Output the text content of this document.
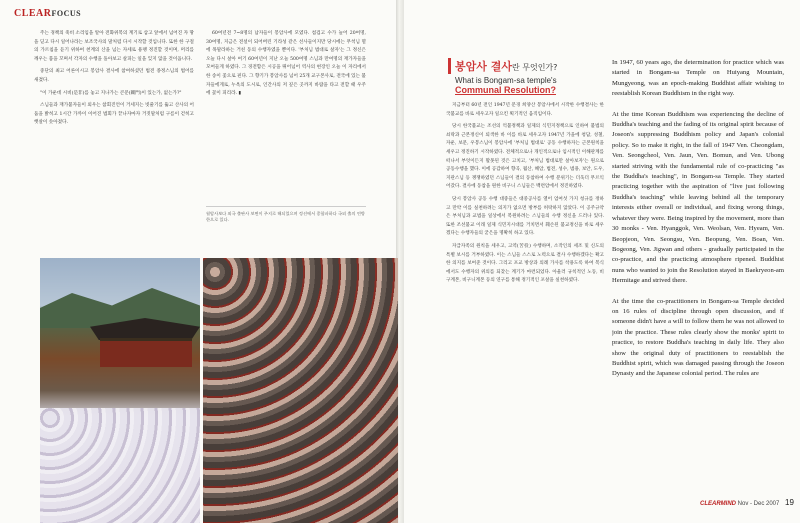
CLEARFOCUS

주는 경책의 죽비 소리임을 알아 전화위복의 계기로 삼고 앞에서 넘어진 자 땅을 딛고 다시 일어나라는 보조국사의 말처럼 다시 시작할 것입니다. 또한 한 구절의 가르침을 듣기 위하여 천계의 산을 넘는 자세로 용맹 정진할 것이며, 머리를 깨우는 품을 꼬며서 각자의 수행을 돌아보고 살피는 일을 잊지 않을 것이옵니다.

중단의 최고 어른이시고 봉암사 결사에 참여하셨던 법전 종정스님의 법어를 새겼다.

"이 가운데 시비(是非)를 놓고 지나가는 콘문(關門)이 있는가, 없는가?"

스님들과 재가불자들이 외우는 참회진언이 거세지는 빗줄기를 뚫고 산사의 어둠을 밝히고 1시간 가까이 이어진 법회가 끝나자마자 거짓말처럼 구름이 걷히고 햇살이 솟아졌다.

60여년전 7~8명의 납자들이 봉암사에 모였다. 첨겁고 수가 늘어 20여명, 30여명, 지금은 전설이 되어버린 기라성 같은 선사들이지만 당시에는 무척님 멸에 목말라하는 거친 동의 수행자였을 뿐이다. '부처님 법대로 살자'는 그 정신은 오늘 다시 살아 여기 60여년이 지난 오늘 500여명 스님과 만여명의 재가자들을 모여들게 하였다. 그 경전함은 시공을 뛰어넘어 역사의 현장인 오늘 이 자리에서 한 송이 꽃으로 핀다. 그 향기가 봉암사를 넘어 25개 교구본사로, 전국에 있는 불자들에게로, 누옥의 도시로, 인간사의 저 깊은 곳까지 바람을 타고 전할 때 우주에 꽃이 피리라. ▮

월암사보다 외국 출판사 보면이 주지로 해되었으며 정선에서 종합파하다 국외 출의 연방한으로 있다.
봉암사 결사란 무엇인가?
What is Bongam-sa temple's
Communal Resolution?

지금부터 60년 전인 1947년 문경 희양산 봉암사에서 시작한 수행결사는 한국불교를 바로 세우고자 일으킨 획기적인 움직임이다.

당시 한국불교는 조선의 억불정책과 일제의 식민지정책으로 인하여 불법의 쇠락과 근본정신이 퇴색한 바 이를 바로 세우고자 1947년 가을에 청담, 성철, 자운, 보문, 우봉스님이 봉암사에 '부처님 법대로' 공동 수행하자는 근본원칙을 세우고 정진하기 시작하였다. 전체적으로나 개인적으로나 임시적인 이해관계를 떠나서 부엇이든지 활못된 것은 고치고, '부처님 법대로만 살아보자'는 원으로 공동수행을 했다. 이에 공감하여 향곡, 월산, 혜암, 법전, 성수, 범용, 보안, 도우, 지관스님 등 쟁쟁하였던 스님들이 결의 동참하여 수행 분위기는 더욱더 무르익어갔다. 결사에 동참을 원한 비구니 스님들은 백련암에서 정진하였다.

당시 봉암사 공동 수행 대중들은 대중공사를 열어 엄여섯 가지 청규를 정하고 만약 이를 실천하려는 의지가 없으면 방부를 허락하지 않았다. 이 공주규약은 부처님과 교법을 일상에서 복원하려는 스님들의 수행 정신을 드러나 있다. 또한 조선불교 이래 일제 식민지시대를 거치면서 훼손된 불교정신을 바로 세우겠다는 수행자들의 굳은을 명확히 하고 있다.

자급자족의 원칙을 세우고, 고역(苦役) 수행하며, 소작인의 세조 및 신도의 특별 보시를 거부하였다. 이는 스님들 스스로 노력으로 결사 수행하겠다는 확고한 의지를 보여준 것이다. 그리고 포교 방상과 의례 가사를 착용도록 하여 복식에서도 수행자의 위의를 되찾는 계기가 마련되었다. 아울러 규칙적인 노동, 비구계본, 비구니계본 등의 연구를 통해 정기적인 포살을 실천하였다.

In 1947, 60 years ago, the determination for practice which was started in Bongam-sa Temple on Huiyang Mountain, Mungyeong, was an epoch-making Buddhist affair wishing to reestablish Korean Buddhism in the right way.

At the time Korean Buddhism was experiencing the decline of Buddha's teaching and the fading of its original spirit because of Joseon's suppressing Buddhism policy and Japan's colonial policy. So to make it right, in the fall of 1947 Ven. Cheongdam, Ven. Seongcheol, Ven. Jaun, Ven. Bomun, and Ven. Ubong started striving with the fundamental rule of co-practicing "as the Buddha's teaching", in Bongam-sa Temple. They started practicing together with the aspiration of "live just following Buddha's teaching" while leaving behind all the temporary interests either overall or individual, and fixing wrong things, whatever they were. Being inspired by the movement, more than 30 monks - Ven. Hyanggok, Ven. Weolsan, Ven. Hyeam, Ven. Beopjeon, Ven. Seongsu, Ven. Beopung, Ven. Boan, Ven. Bogeong, Ven. Jigwan and others - gradually participated in the co-practice, and the practicing atmosphere ripened. Buddhist nuns who wanted to join the Resolution stayed in Baekryeon-am Hermitage and strived there.

At the time the co-practitioners in Bongam-sa Temple decided on 16 rules of discipline through open discussion, and if someone didn't have a will to follow them he was not allowed to join the practice. These rules clearly show the monks' spirit to practice, to restore Buddha's teaching in daily life. They also show the original duty of practitioners to reestablish the Buddhist spirit, which was damaged passing through the Joseon Dynasty and the Japanese colonial period. The rules are

CLEARMIND Nov - Dec 2007 19
